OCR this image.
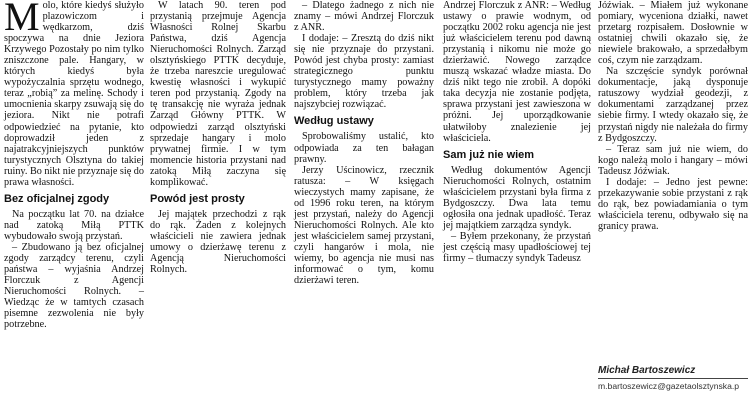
Molo, które kiedyś służyło plazowiczom i wędkarzom, dziś spoczywa na dnie Jeziora Krzywego Pozostały po nim tylko zniszczone pale. Hangary, w których kiedyś była wypożyczalnia sprzętu wodnego, teraz „robią” za melinę. Schody i umocnienia skarpy zsuwają się do jeziora. Nikt nie potrafi odpowiedzieć na pytanie, kto doprowadził jeden z najatrakcyjniejszych punktów turystycznych Olsztyna do takiej ruiny. Bo nikt nie przyznaje się do prawa własności.

Bez oficjalnej zgody

Na początku lat 70. na działce nad zatoką Miłą PTTK wybudowało swoją przystań.

– Zbudowano ją bez oficjalnej zgody zarządcy terenu, czyli państwa – wyjaśnia Andrzej Florczuk z Agencji Nieruchomości Rolnych. – Wiedząc że w tamtych czasach pisemne zezwolenia nie były potrzebne.

W latach 90. teren pod przystanią przejmuje Agencja Własności Rolnej Skarbu Państwa, dziś Agencja Nieruchomości Rolnych. Zarząd olsztyńskiego PTTK decyduje, że trzeba nareszcie uregulować kwestię własności i wykupić teren pod przystanią. Zgody na tę transakcję nie wyraża jednak Zarząd Główny PTTK. W odpowiedzi zarząd olsztyński sprzedaje hangary i molo prywatnej firmie. I w tym momencie historia przystani nad zatoką Miłą zaczyna się komplikować.

Powód jest prosty

Jej majątek przechodzi z rąk do rąk. Żaden z kolejnych właścicieli nie zawiera jednak umowy o dzierżawę terenu z Agencją Nieruchomości Rolnych.

– Dlatego żadnego z nich nie znamy – mówi Andrzej Florczuk z ANR.

I dodaje: – Zresztą do dziś nikt się nie przyznaje do przystani. Powód jest chyba prosty: zamiast strategicznego punktu turystycznego mamy poważny problem, który trzeba jak najszybciej rozwiązać.

Według ustawy

Sprobowaliśmy ustalić, kto odpowiada za ten bałagan prawny.

Jerzy Uścinowicz, rzecznik ratusza: – W księgach wieczystych mamy zapisane, że od 1996 roku teren, na którym jest przystań, należy do Agencji Nieruchomości Rolnych. Ale kto jest właścicielem samej przystani, czyli hangarów i mola, nie wiemy, bo agencja nie musi nas informować o tym, komu dzierżawi teren.

Andrzej Florczuk z ANR: – Według ustawy o prawie wodnym, od początku 2002 roku agencja nie jest już właścicielem terenu pod dawną przystanią i nikomu nie może go dzierżawić. Nowego zarządce muszą wskazać władze miasta. Do dziś nikt tego nie zrobił. A dopóki taka decyzja nie zostanie podjęta, sprawa przystani jest zawieszona w próżni. Jej uporządkowanie ułatwiłoby znalezienie jej właściciela.

Sam już nie wiem

Według dokumentów Agencji Nieruchomości Rolnych, ostatnim właścicielem przystani była firma z Bydgoszczy. Dwa lata temu ogłosiła ona jednak upadłość. Teraz jej majątkiem zarządza syndyk.

– Byłem przekonany, że przystań jest częścią masy upadłościowej tej firmy – tłumaczy syndyk Tadeusz

Jóźwiak. – Miałem już wykonane pomiary, wyceniona działki, nawet przetarg rozpisałem. Dosłownie w ostatniej chwili okazało się, że niewiele brakowało, a sprzedałbym coś, czym nie zarządzam.

Na szczęście syndyk porównał dokumentacje, jaką dysponuje ratuszowy wydział geodezji, z dokumentami zarządzanej przez siebie firmy. I wtedy okazało się, że przystań nigdy nie należała do firmy z Bydgoszczy.

– Teraz sam już nie wiem, do kogo należą molo i hangary – mówi Tadeusz Jóźwiak.

I dodaje: – Jedno jest pewne: przekazywanie sobie przystani z rąk do rąk, bez powiadamiania o tym właściciela terenu, odbywało się na granicy prawa.

Michał Bartoszewicz
m.bartoszewicz@gazetaolsztynska.p
